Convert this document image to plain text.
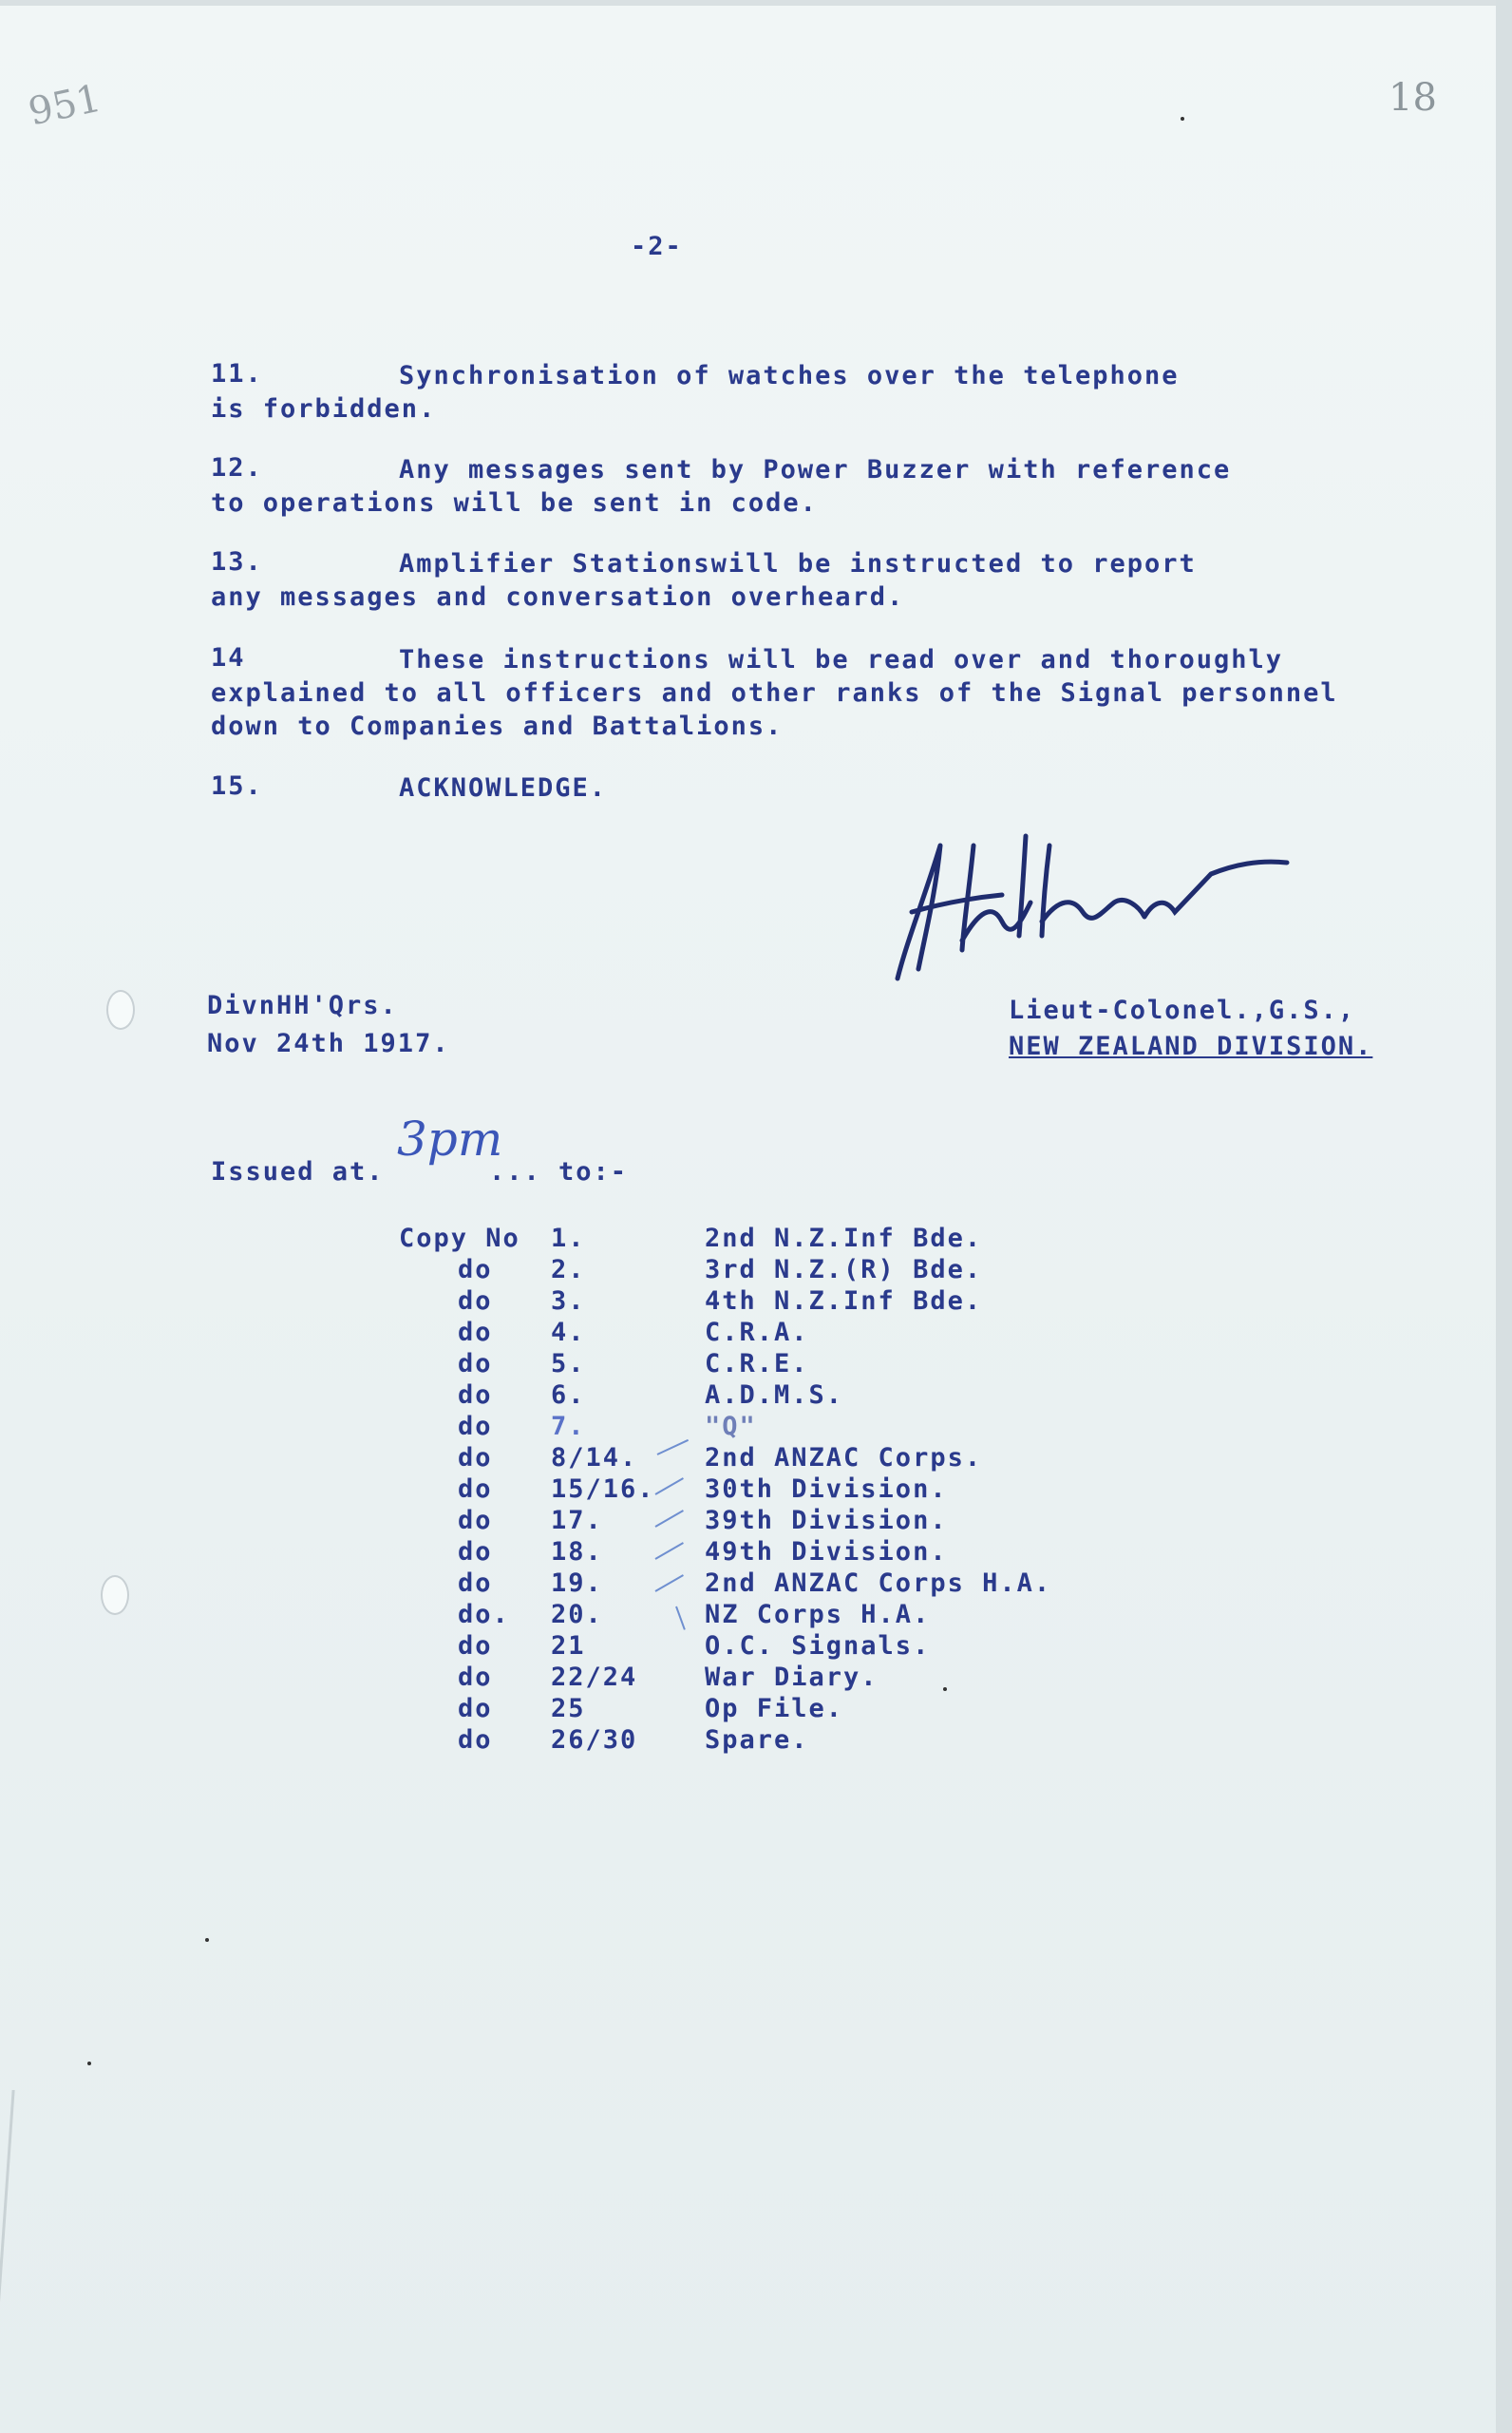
951	18
-2-
11.	Synchronisation of watches over the telephone
is forbidden.
12.	Any messages sent by Power Buzzer with reference
to operations will be sent in code.
13.	Amplifier Stationswill be instructed to report
any messages and conversation overheard.
14	These instructions will be read over and thoroughly
explained to all officers and other ranks of the Signal personnel
down to Companies and Battalions.
15.	ACKNOWLEDGE.
DivnHH'Qrs.
Nov 24th 1917.
Lieut-Colonel.,G.S.,
NEW ZEALAND DIVISION.
Issued at.
3pm
... to:-
Copy No 1.	2nd N.Z.Inf Bde.
do 2.	3rd N.Z.(R) Bde.
do 3.	4th N.Z.Inf Bde.
do 4.	C.R.A.
do 5.	C.R.E.
do 6.	A.D.M.S.
do 7.	"Q"
do 8/14.	2nd ANZAC Corps.
do 15/16. 30th Division.
do 17.	39th Division.
do 18.	49th Division.
do 19.	2nd ANZAC Corps H.A.
do. 20.	NZ Corps H.A.
do 21	O.C. Signals.
do 22/24	War Diary.
do 25	Op File.
do 26/30	Spare.
